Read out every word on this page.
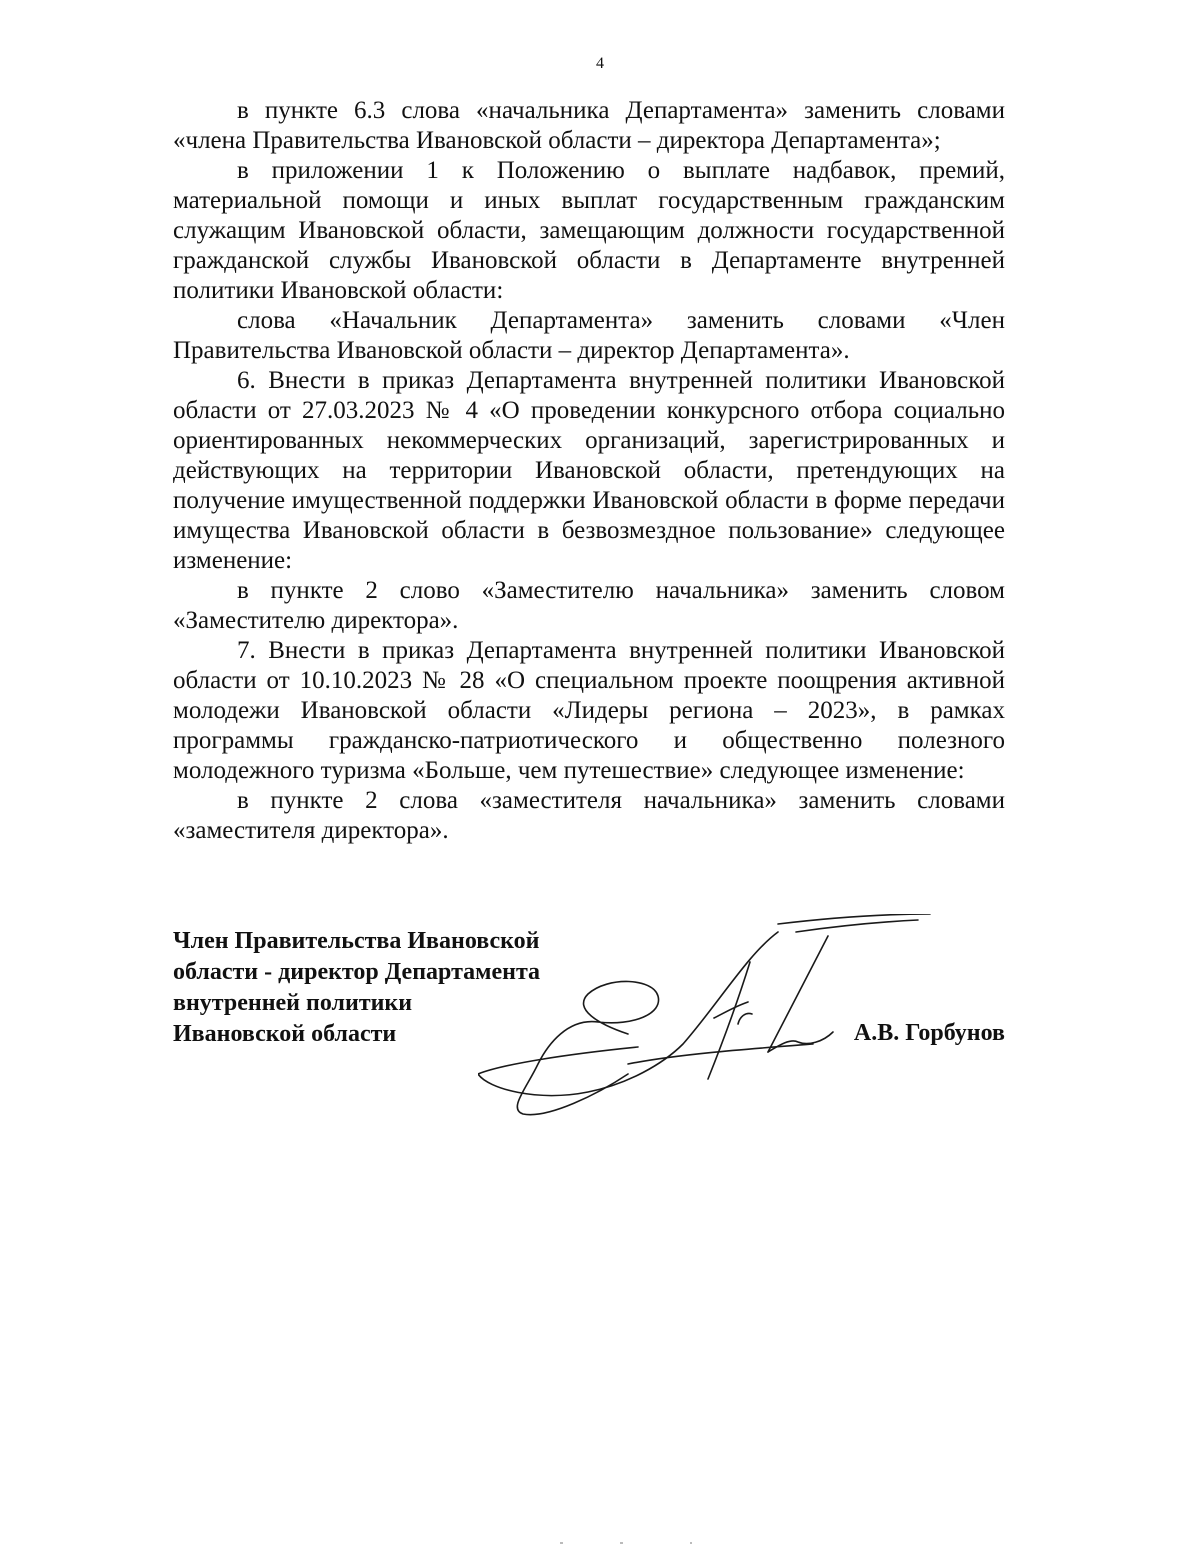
4

в пункте 6.3 слова «начальника Департамента» заменить словами «члена Правительства Ивановской области – директора Департамента»;

в приложении 1 к Положению о выплате надбавок, премий, материальной помощи и иных выплат государственным гражданским служащим Ивановской области, замещающим должности государственной гражданской службы Ивановской области в Департаменте внутренней политики Ивановской области:

слова «Начальник Департамента» заменить словами «Член Правительства Ивановской области – директор Департамента».

6. Внести в приказ Департамента внутренней политики Ивановской области от 27.03.2023 № 4 «О проведении конкурсного отбора социально ориентированных некоммерческих организаций, зарегистрированных и действующих на территории Ивановской области, претендующих на получение имущественной поддержки Ивановской области в форме передачи имущества Ивановской области в безвозмездное пользование» следующее изменение:

в пункте 2 слово «Заместителю начальника» заменить словом «Заместителю директора».

7. Внести в приказ Департамента внутренней политики Ивановской области от 10.10.2023 № 28 «О специальном проекте поощрения активной молодежи Ивановской области «Лидеры региона – 2023», в рамках программы гражданско-патриотического и общественно полезного молодежного туризма «Больше, чем путешествие» следующее изменение:

в пункте 2 слова «заместителя начальника» заменить словами «заместителя директора».

Член Правительства Ивановской
области - директор Департамента
внутренней политики
Ивановской области	А.В. Горбунов
